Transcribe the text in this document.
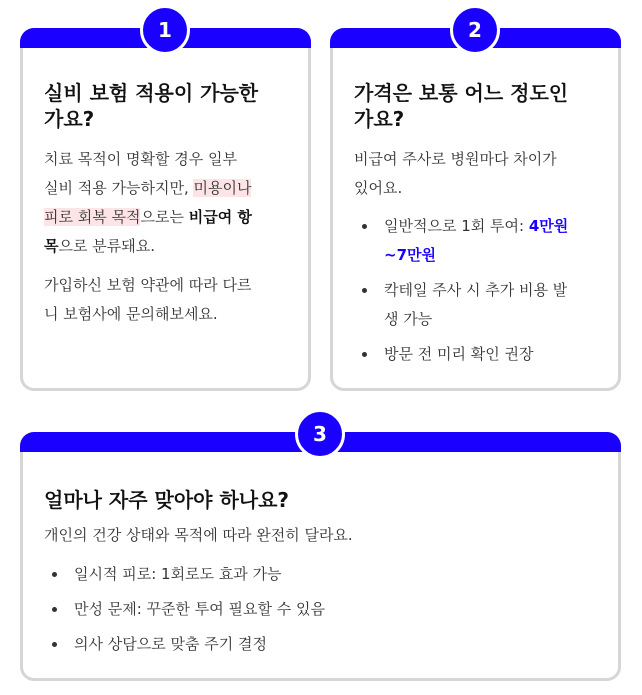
1
실비 보험 적용이 가능한
가요?
치료 목적이 명확할 경우 일부
실비 적용 가능하지만, 미용이나
피로 회복 목적으로는 비급여 항
목으로 분류돼요.
가입하신 보험 약관에 따라 다르
니 보험사에 문의해보세요.
2
가격은 보통 어느 정도인
가요?
비급여 주사로 병원마다 차이가
있어요.
일반적으로 1회 투여: 4만원
~7만원
칵테일 주사 시 추가 비용 발
생 가능
방문 전 미리 확인 권장
3
얼마나 자주 맞아야 하나요?
개인의 건강 상태와 목적에 따라 완전히 달라요.
일시적 피로: 1회로도 효과 가능
만성 문제: 꾸준한 투여 필요할 수 있음
의사 상담으로 맞춤 주기 결정
